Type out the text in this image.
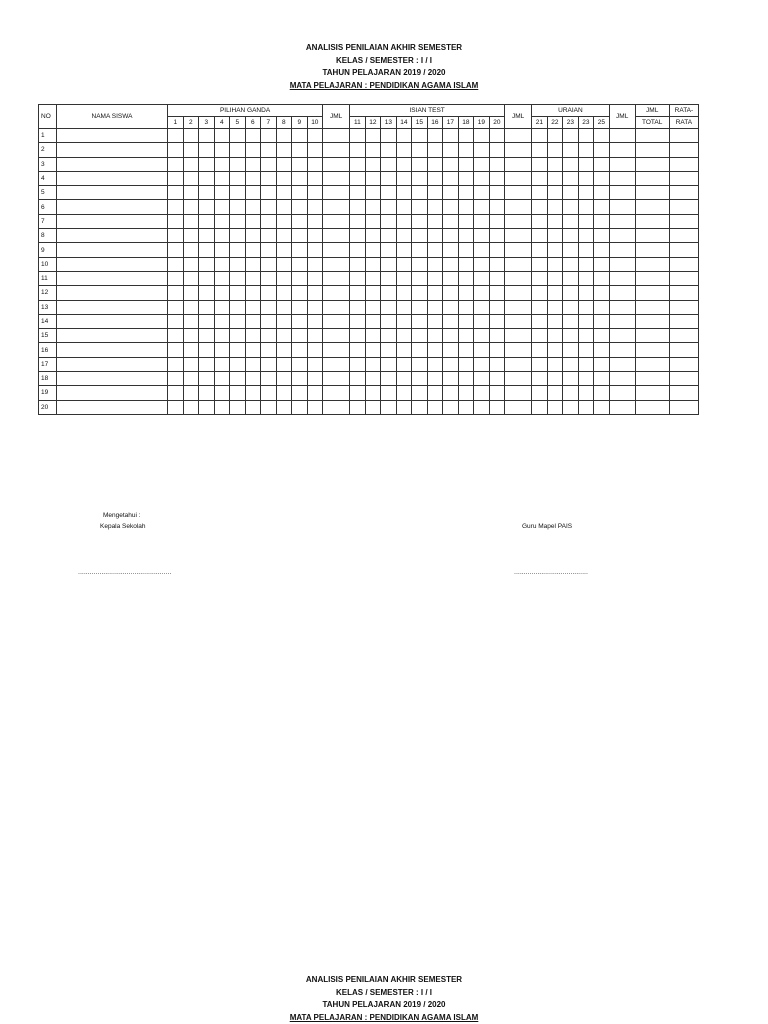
ANALISIS PENILAIAN AKHIR SEMESTER
KELAS / SEMESTER : I / I
TAHUN PELAJARAN 2019 / 2020
MATA PELAJARAN : PENDIDIKAN AGAMA ISLAM
NO	NAMA SISWA	PILIHAN GANDA										JML	ISIAN TEST										JML	URAIAN					JML	JML	RATA-
		1	2	3	4	5	6	7	8	9	10		11	12	13	14	15	16	17	18	19	20		21	22	23	23	25		TOTAL	RATA
1																															
2																															
3																															
4																															
5																															
6																															
7																															
8																															
9																															
10																															
11																															
12																															
13																															
14																															
15																															
16																															
17																															
18																															
19																															
20																															
Mengetahui :
Kepala Sekolah	Guru Mapel PAIS
................................................	......................................
ANALISIS PENILAIAN AKHIR SEMESTER
KELAS / SEMESTER : I / I
TAHUN PELAJARAN 2019 / 2020
MATA PELAJARAN : PENDIDIKAN AGAMA ISLAM
